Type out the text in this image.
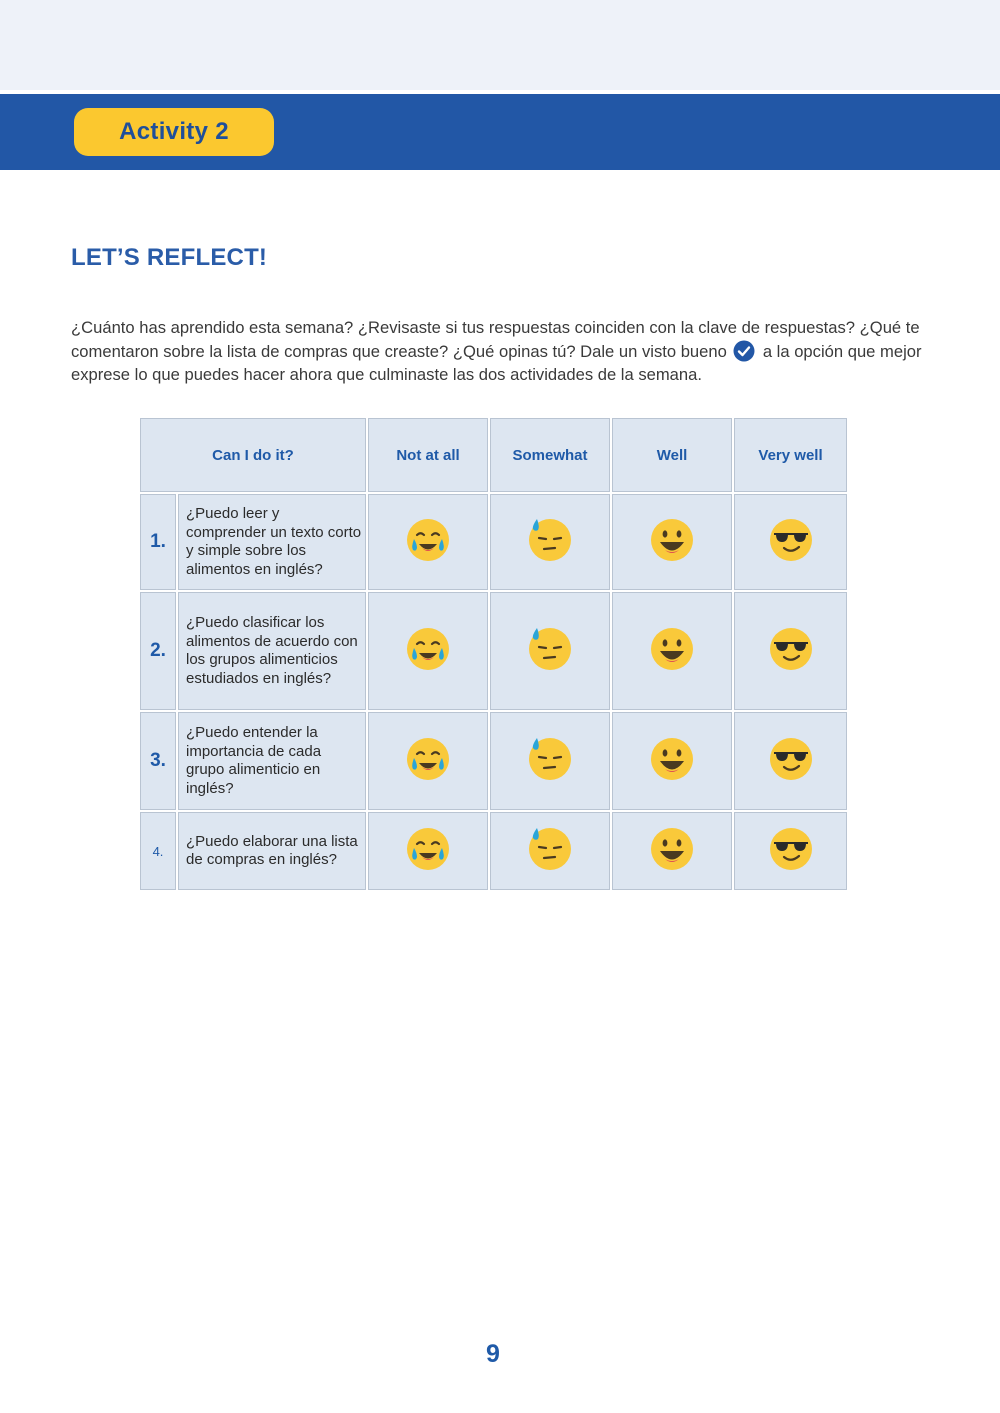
Activity 2
LET’S REFLECT!

¿Cuánto has aprendido esta semana? ¿Revisaste si tus respuestas coinciden con la clave de respuestas? ¿Qué te comentaron sobre la lista de compras que creaste? ¿Qué opinas tú? Dale un visto bueno a la opción que mejor exprese lo que puedes hacer ahora que culminaste las dos actividades de la semana.

Can I do it?		Not at all	Somewhat	Well	Very well
1.	¿Puedo leer y comprender un texto corto y simple sobre los alimentos en inglés?				
2.	¿Puedo clasificar los alimentos de acuerdo con los grupos alimenticios estudiados en inglés?				
3.	¿Puedo entender la importancia de cada grupo alimenticio en inglés?				
4.	¿Puedo elaborar una lista de compras en inglés?				
9
